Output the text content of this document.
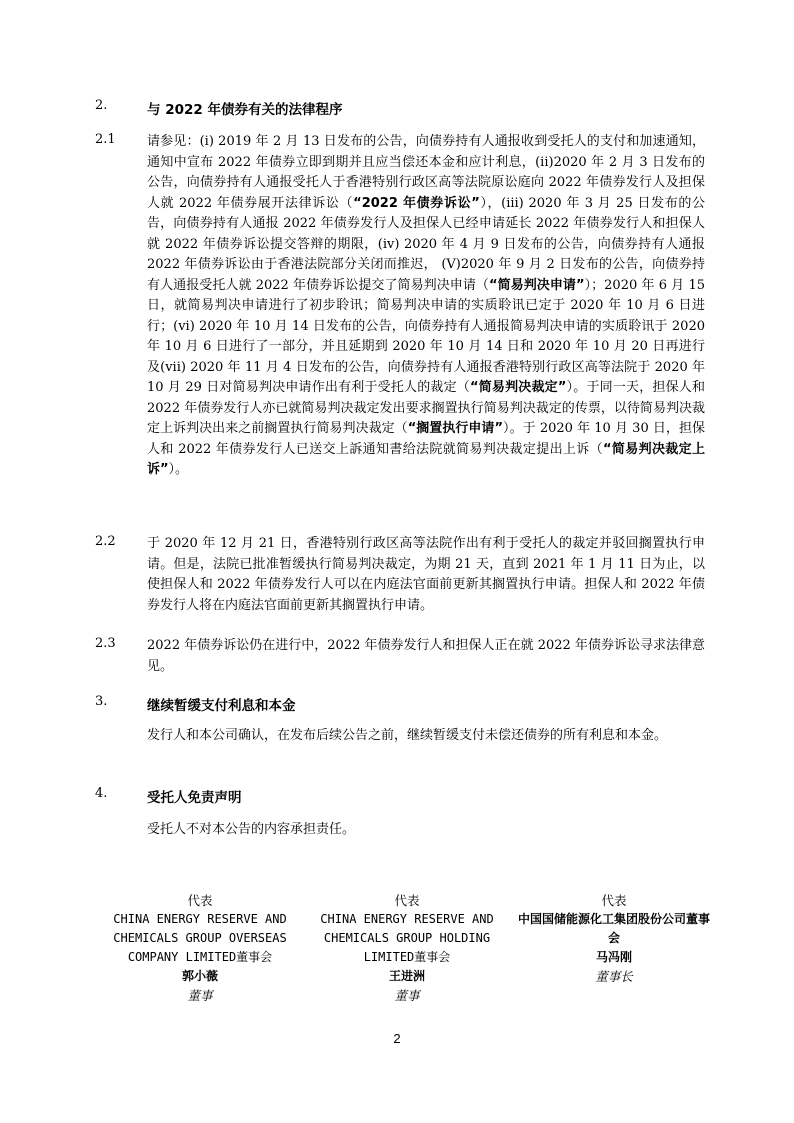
2.	与 2022 年债券有关的法律程序
2.1 请参见：(i) 2019 年 2 月 13 日发布的公告，向债券持有人通报收到受托人的支付和加速通知，通知中宣布 2022 年债券立即到期并且应当偿还本金和应计利息，(ii)2020 年 2 月 3 日发布的公告，向债券持有人通报受托人于香港特别行政区高等法院原讼庭向 2022 年债券发行人及担保人就 2022 年债券展开法律诉讼（“2022 年债券诉讼”），(iii) 2020 年 3 月 25 日发布的公告，向债券持有人通报 2022 年债券发行人及担保人已经申请延长 2022 年债券发行人和担保人就 2022 年债券诉讼提交答辩的期限，(iv) 2020 年 4 月 9 日发布的公告，向债券持有人通报 2022 年债券诉讼由于香港法院部分关闭而推迟， (V)2020 年 9 月 2 日发布的公告，向债券持有人通报受托人就 2022 年债券诉讼提交了简易判决申请（“简易判决申请”）；2020 年 6 月 15 日，就简易判决申请进行了初步聆讯；简易判决申请的实质聆讯已定于 2020 年 10 月 6 日进行；(vi) 2020 年 10 月 14 日发布的公告，向债券持有人通报简易判决申请的实质聆讯于 2020 年 10 月 6 日进行了一部分，并且延期到 2020 年 10 月 14 日和 2020 年 10 月 20 日再进行及(vii) 2020 年 11 月 4 日发布的公告，向债券持有人通报香港特别行政区高等法院于 2020 年 10 月 29 日对简易判决申请作出有利于受托人的裁定（“简易判决裁定”）。于同一天，担保人和 2022 年债券发行人亦已就简易判决裁定发出要求搁置执行简易判决裁定的传票，以待简易判决裁定上诉判决出来之前搁置执行简易判决裁定（“搁置执行申请”）。于 2020 年 10 月 30 日，担保人和 2022 年债券发行人已送交上訴通知書给法院就简易判决裁定提出上诉（“简易判决裁定上诉”）。
2.2 于 2020 年 12 月 21 日，香港特别行政区高等法院作出有利于受托人的裁定并驳回搁置执行申请。但是，法院已批准暂缓执行简易判决裁定，为期 21 天，直到 2021 年 1 月 11 日为止，以使担保人和 2022 年债券发行人可以在内庭法官面前更新其搁置执行申请。担保人和 2022 年债券发行人将在内庭法官面前更新其搁置执行申请。
2.3 2022 年债券诉讼仍在进行中，2022 年债券发行人和担保人正在就 2022 年债券诉讼寻求法律意见。
3.	继续暂缓支付利息和本金
发行人和本公司确认，在发布后续公告之前，继续暂缓支付未偿还债券的所有利息和本金。
4.	受托人免责声明
受托人不对本公告的内容承担责任。
代表
CHINA ENERGY RESERVE AND CHEMICALS GROUP OVERSEAS COMPANY LIMITED董事会
郭小薇
董事
代表
CHINA ENERGY RESERVE AND CHEMICALS GROUP HOLDING LIMITED董事会
王进洲
董事
代表
中国国储能源化工集团股份公司董事会
马冯刚
董事长
2
